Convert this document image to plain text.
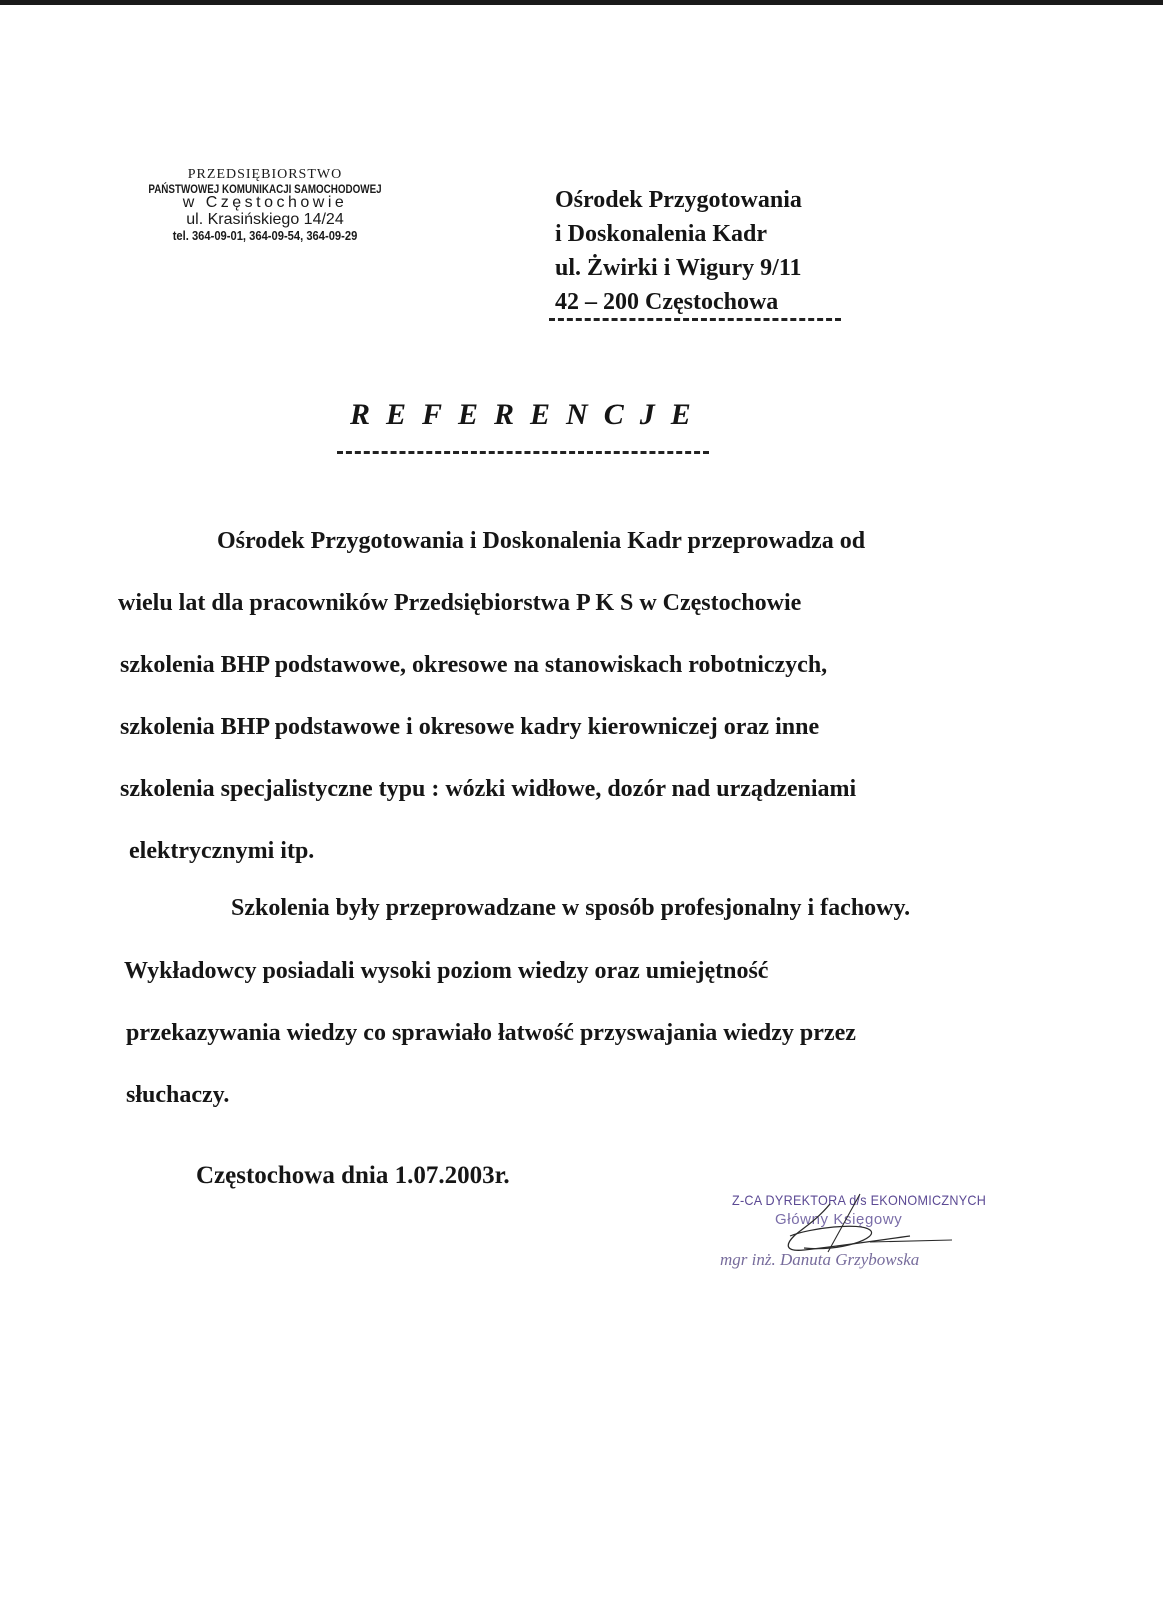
PRZEDSIĘBIORSTWO
PAŃSTWOWEJ KOMUNIKACJI SAMOCHODOWEJ
w Częstochowie
ul. Krasińskiego 14/24
tel. 364-09-01, 364-09-54, 364-09-29
Ośrodek Przygotowania
i Doskonalenia Kadr
ul. Żwirki i Wigury 9/11
42 – 200 Częstochowa
REFERENCJE
Ośrodek Przygotowania i Doskonalenia Kadr przeprowadza od
wielu lat dla pracowników Przedsiębiorstwa P K S w Częstochowie
szkolenia BHP podstawowe, okresowe na stanowiskach robotniczych,
szkolenia BHP podstawowe i okresowe kadry kierowniczej oraz inne
szkolenia specjalistyczne typu : wózki widłowe, dozór nad urządzeniami
elektrycznymi itp.
Szkolenia były przeprowadzane w sposób profesjonalny i fachowy.
Wykładowcy posiadali wysoki poziom wiedzy oraz umiejętność
przekazywania wiedzy co sprawiało łatwość przyswajania wiedzy przez
słuchaczy.
Częstochowa dnia 1.07.2003r.
Z-CA DYREKTORA d/s EKONOMICZNYCH
Główny Księgowy
mgr inż. Danuta Grzybowska
